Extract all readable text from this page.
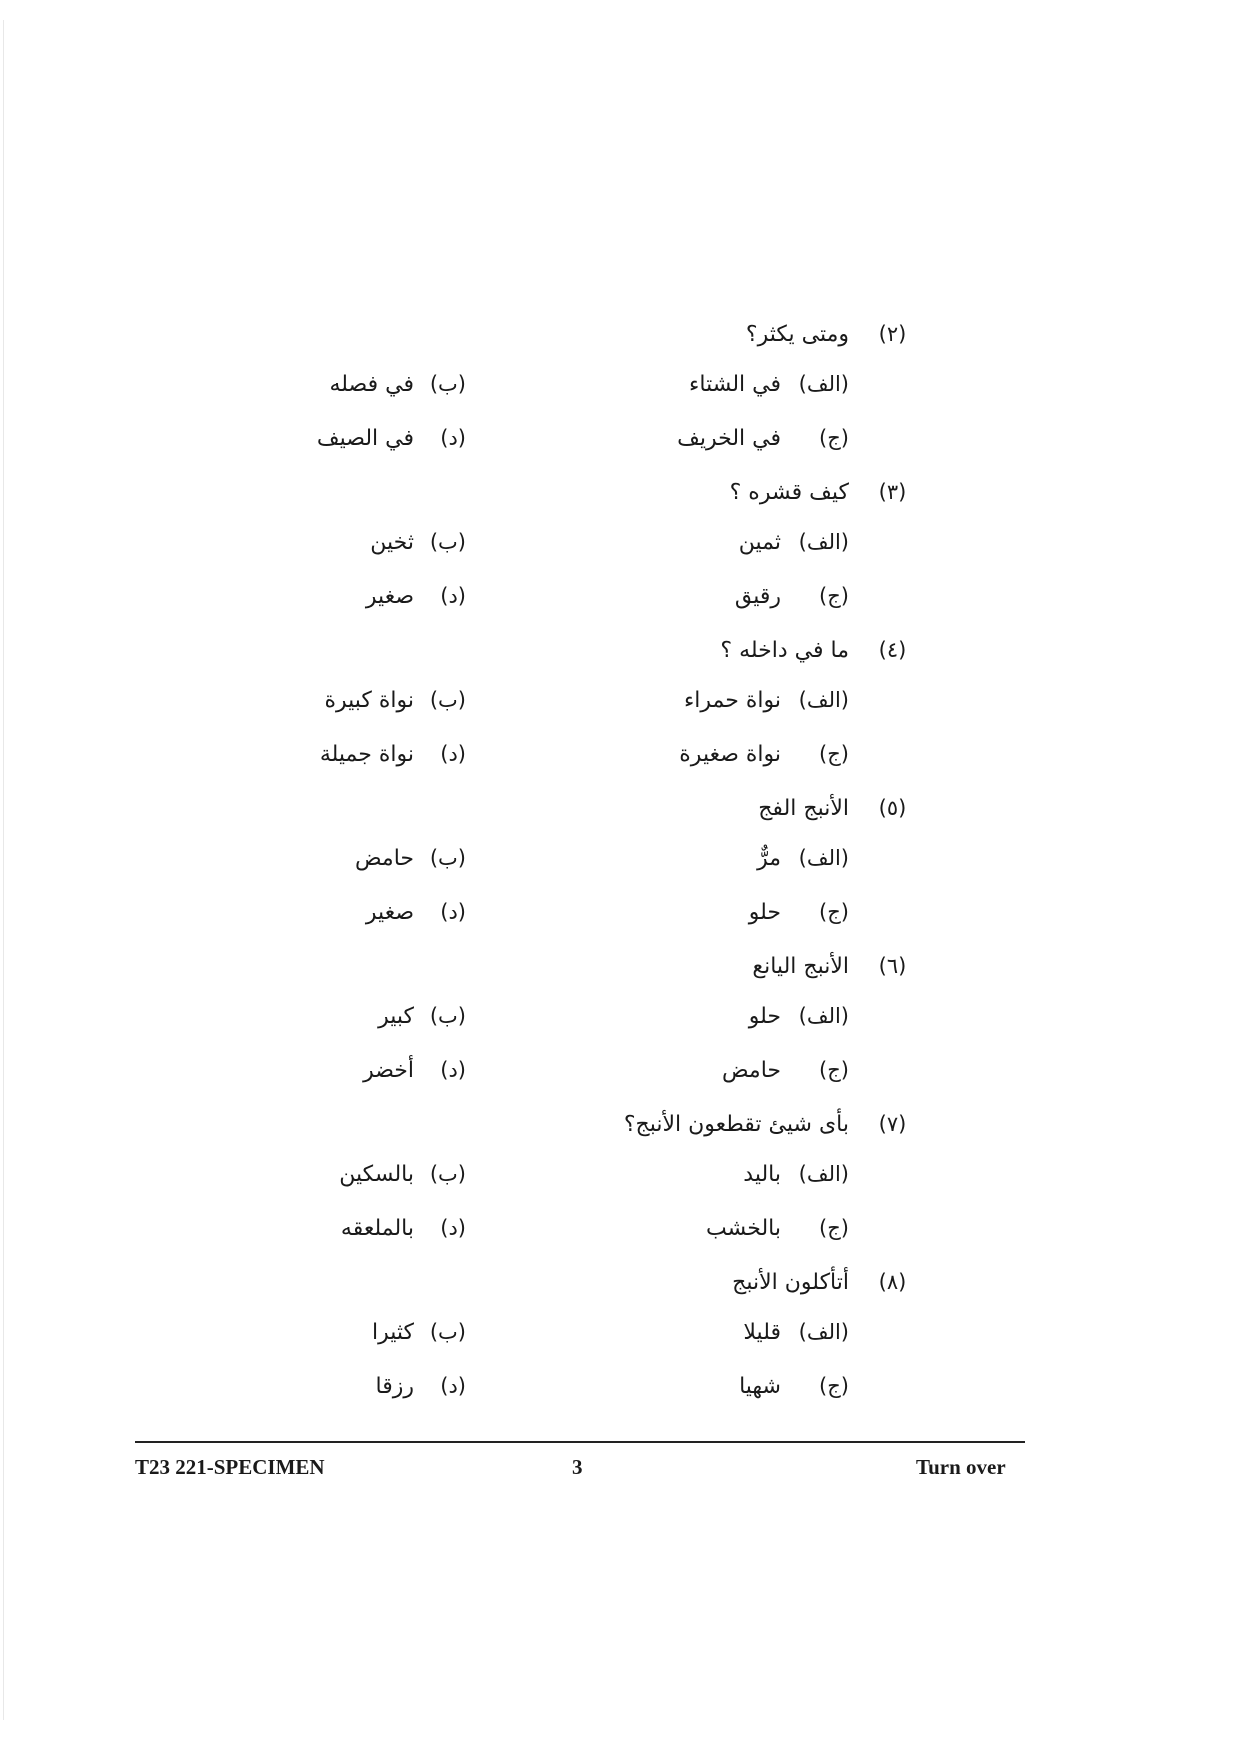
(٢)
ومتى يكثر؟
(الف)
في الشتاء
(ب)
في فصله
(ج)
في الخريف
(د)
في الصيف
(٣)
كيف قشره ؟
(الف)
ثمين
(ب)
ثخين
(ج)
رقيق
(د)
صغير
(٤)
ما في داخله ؟
(الف)
نواة حمراء
(ب)
نواة كبيرة
(ج)
نواة صغيرة
(د)
نواة جميلة
(٥)
الأنبج الفج
(الف)
مرٌّ
(ب)
حامض
(ج)
حلو
(د)
صغير
(٦)
الأنبج اليانع
(الف)
حلو
(ب)
كبير
(ج)
حامض
(د)
أخضر
(٧)
بأى شيئ تقطعون الأنبج؟
(الف)
باليد
(ب)
بالسكين
(ج)
بالخشب
(د)
بالملعقه
(٨)
أتأكلون الأنبج
(الف)
قليلا
(ب)
كثيرا
(ج)
شهيا
(د)
رزقا
T23 221-SPECIMEN	3	Turn over
